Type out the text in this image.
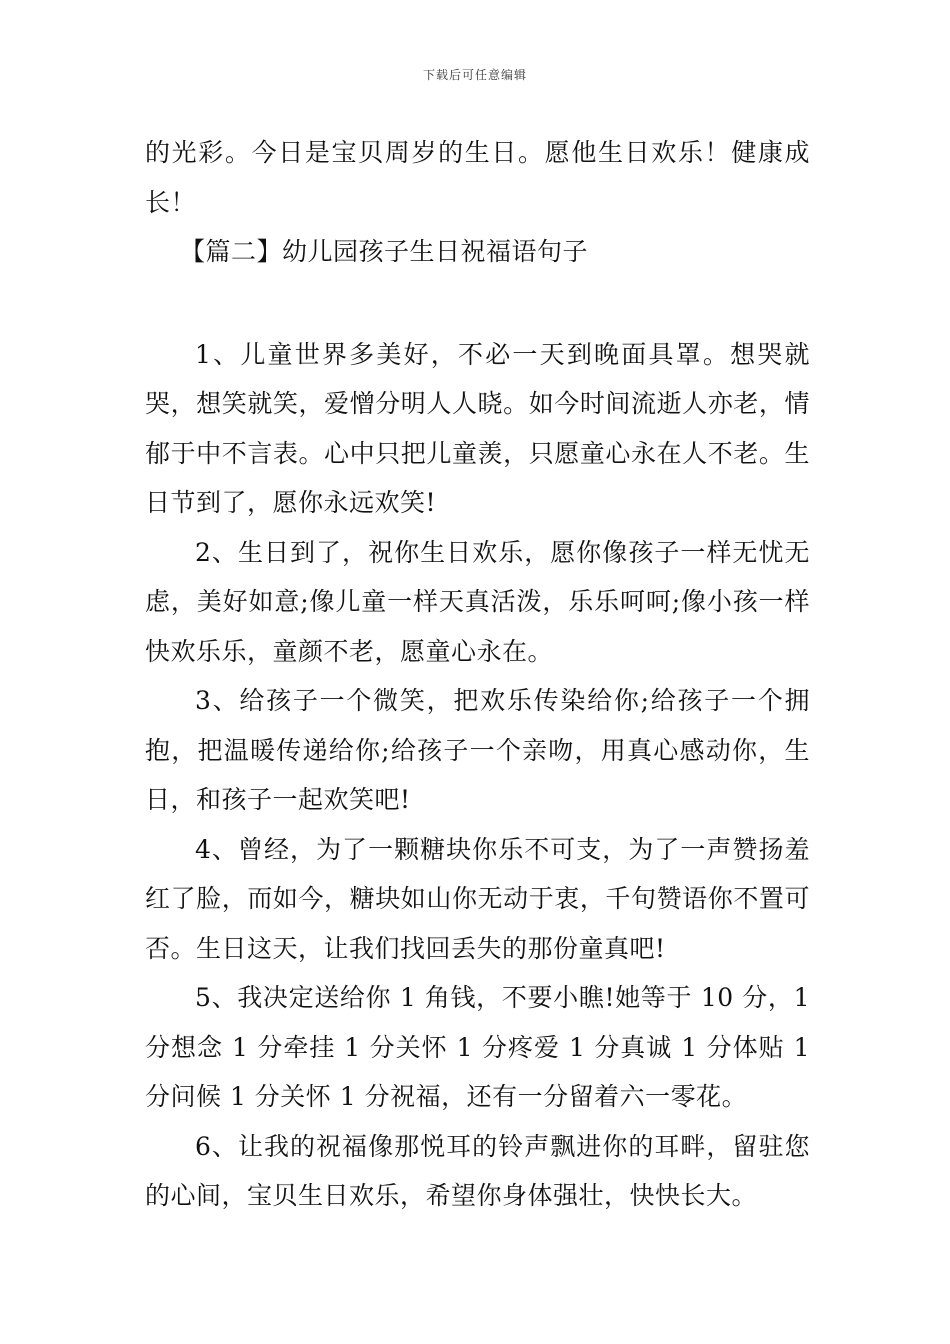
下载后可任意编辑

的光彩。今日是宝贝周岁的生日。愿他生日欢乐！健康成长！

【篇二】幼儿园孩子生日祝福语句子

1、儿童世界多美好，不必一天到晚面具罩。想哭就哭，想笑就笑，爱憎分明人人晓。如今时间流逝人亦老，情郁于中不言表。心中只把儿童羡，只愿童心永在人不老。生日节到了，愿你永远欢笑!

2、生日到了，祝你生日欢乐，愿你像孩子一样无忧无虑，美好如意;像儿童一样天真活泼，乐乐呵呵;像小孩一样快欢乐乐，童颜不老，愿童心永在。

3、给孩子一个微笑，把欢乐传染给你;给孩子一个拥抱，把温暖传递给你;给孩子一个亲吻，用真心感动你，生日，和孩子一起欢笑吧!

4、曾经，为了一颗糖块你乐不可支，为了一声赞扬羞红了脸，而如今，糖块如山你无动于衷，千句赞语你不置可否。生日这天，让我们找回丢失的那份童真吧!

5、我决定送给你 1 角钱，不要小瞧!她等于 10 分，1 分想念 1 分牵挂 1 分关怀 1 分疼爱 1 分真诚 1 分体贴 1 分问候 1 分关怀 1 分祝福，还有一分留着六一零花。

6、让我的祝福像那悦耳的铃声飘进你的耳畔，留驻您的心间，宝贝生日欢乐，希望你身体强壮，快快长大。
